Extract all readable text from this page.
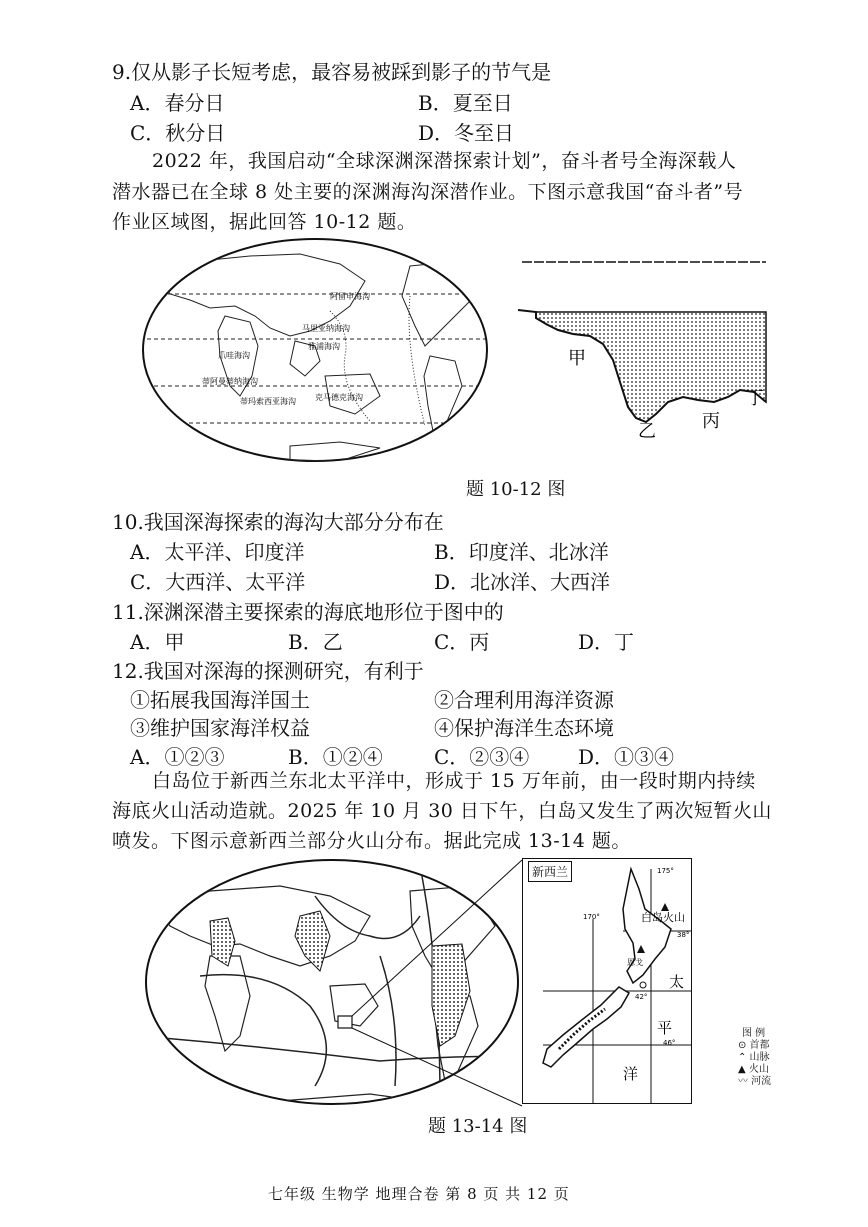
9.仅从影子长短考虑，最容易被踩到影子的节气是
A．春分日	B．夏至日
C．秋分日	D．冬至日
2022 年，我国启动“全球深渊深潜探索计划”，奋斗者号全海深载人
潜水器已在全球 8 处主要的深渊海沟深潜作业。下图示意我国“奋斗者”号
作业区域图，据此回答 10-12 题。
阿留申海沟
马里亚纳海沟
雅浦海沟
爪哇海沟
蒂阿曼蒂纳海沟
蒂玛索西亚海沟 克马德克海沟
甲
乙	丙
丁
题 10-12 图
10.我国深海探索的海沟大部分分布在
A．太平洋、印度洋	B．印度洋、北冰洋
C．大西洋、太平洋	D．北冰洋、大西洋
11.深渊深潜主要探索的海底地形位于图中的
A．甲	B．乙	C．丙	D．丁
12.我国对深海的探测研究，有利于
①拓展我国海洋国土	②合理利用海洋资源
③维护国家海洋权益	④保护海洋生态环境
A．①②③	B．①②④	C．②③④ D．①③④
白岛位于新西兰东北太平洋中，形成于 15 万年前，由一段时期内持续
海底火山活动造就。2025 年 10 月 30 日下午，白岛又发生了两次短暂火山
喷发。下图示意新西兰部分火山分布。据此完成 13-14 题。
新西兰	175°
38°
170°
42°
46°
白岛火山
恩戈
太
平
洋
图 例
⊙ 首都
⌃ 山脉
▲ 火山
〰 河流
题 13-14 图
七年级 生物学 地理合卷 第 8 页 共 12 页
